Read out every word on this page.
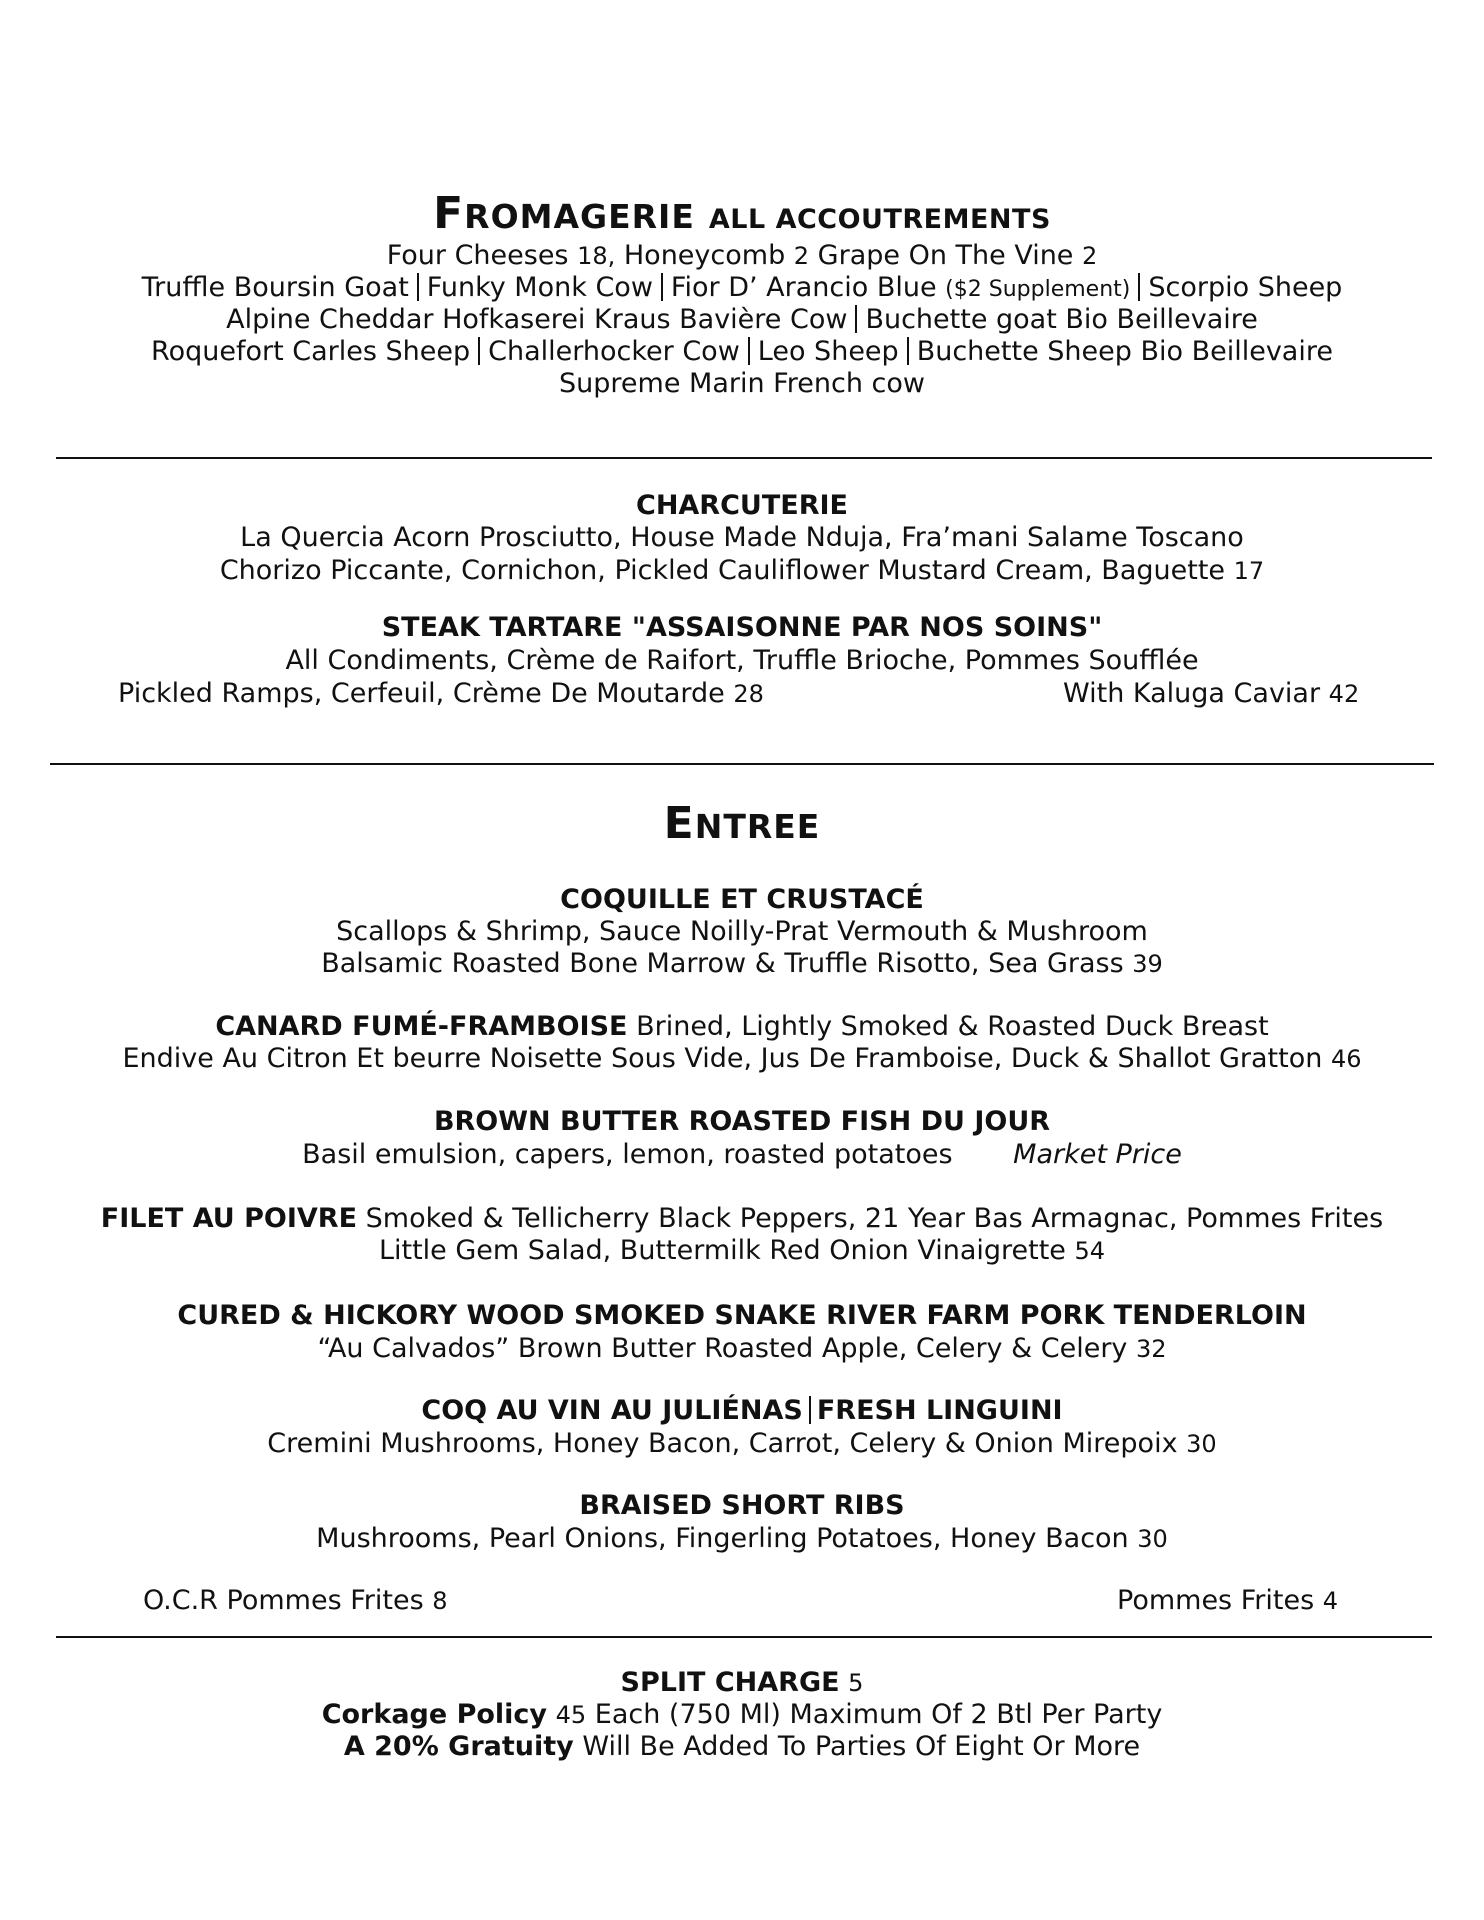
FROMAGERIE ALL ACCOUTREMENTS
Four Cheeses 18, Honeycomb 2 Grape On The Vine 2
Truffle Boursin Goat Funky Monk Cow Fior D’ Arancio Blue ($2 Supplement) Scorpio Sheep
Alpine Cheddar Hofkaserei Kraus Bavière Cow Buchette goat Bio Beillevaire
Roquefort Carles Sheep Challerhocker Cow Leo Sheep Buchette Sheep Bio Beillevaire
Supreme Marin French cow
CHARCUTERIE
La Quercia Acorn Prosciutto, House Made Nduja, Fra’mani Salame Toscano
Chorizo Piccante, Cornichon, Pickled Cauliflower Mustard Cream, Baguette 17
STEAK TARTARE "ASSAISONNE PAR NOS SOINS"
All Condiments, Crème de Raifort, Truffle Brioche, Pommes Soufflée
Pickled Ramps, Cerfeuil, Crème De Moutarde 28	With Kaluga Caviar 42
ENTREE
COQUILLE ET CRUSTACÉ
Scallops & Shrimp, Sauce Noilly-Prat Vermouth & Mushroom
Balsamic Roasted Bone Marrow & Truffle Risotto, Sea Grass 39
CANARD FUMÉ-FRAMBOISE Brined, Lightly Smoked & Roasted Duck Breast
Endive Au Citron Et beurre Noisette Sous Vide, Jus De Framboise, Duck & Shallot Gratton 46
BROWN BUTTER ROASTED FISH DU JOUR
Basil emulsion, capers, lemon, roasted potatoes Market Price
FILET AU POIVRE Smoked & Tellicherry Black Peppers, 21 Year Bas Armagnac, Pommes Frites
Little Gem Salad, Buttermilk Red Onion Vinaigrette 54
CURED & HICKORY WOOD SMOKED SNAKE RIVER FARM PORK TENDERLOIN
“Au Calvados” Brown Butter Roasted Apple, Celery & Celery 32
COQ AU VIN AU JULIÉNAS FRESH LINGUINI
Cremini Mushrooms, Honey Bacon, Carrot, Celery & Onion Mirepoix 30
BRAISED SHORT RIBS
Mushrooms, Pearl Onions, Fingerling Potatoes, Honey Bacon 30
O.C.R Pommes Frites 8	Pommes Frites 4
SPLIT CHARGE 5
Corkage Policy 45 Each (750 Ml) Maximum Of 2 Btl Per Party
A 20% Gratuity Will Be Added To Parties Of Eight Or More
